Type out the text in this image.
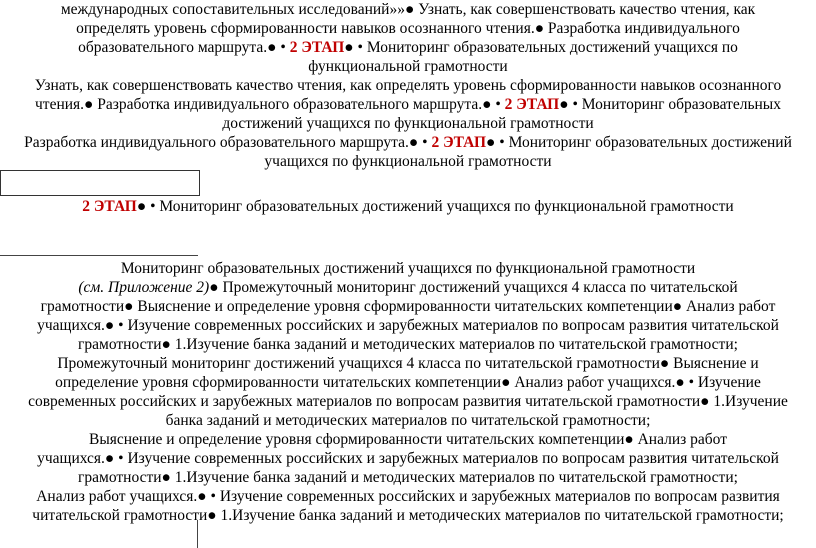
международных сопоставительных исследований»»● Узнать, как совершенствовать качество чтения, как
определять уровень сформированности навыков осознанного чтения.● Разработка индивидуального
образовательного маршрута.● • 2 ЭТАП● • Мониторинг образовательных достижений учащихся по
функциональной грамотности
Узнать, как совершенствовать качество чтения, как определять уровень сформированности навыков осознанного
чтения.● Разработка индивидуального образовательного маршрута.● • 2 ЭТАП● • Мониторинг образовательных
достижений учащихся по функциональной грамотности
Разработка индивидуального образовательного маршрута.● • 2 ЭТАП● • Мониторинг образовательных достижений
учащихся по функциональной грамотности
2 ЭТАП● • Мониторинг образовательных достижений учащихся по функциональной грамотности
Мониторинг образовательных достижений учащихся по функциональной грамотности
(см. Приложение 2)● Промежуточный мониторинг достижений учащихся 4 класса по читательской
грамотности● Выяснение и определение уровня сформированности читательских компетенции● Анализ работ
учащихся.● • Изучение современных российских и зарубежных материалов по вопросам развития читательской
грамотности● 1.Изучение банка заданий и методических материалов по читательской грамотности;
Промежуточный мониторинг достижений учащихся 4 класса по читательской грамотности● Выяснение и
определение уровня сформированности читательских компетенции● Анализ работ учащихся.● • Изучение
современных российских и зарубежных материалов по вопросам развития читательской грамотности● 1.Изучение
банка заданий и методических материалов по читательской грамотности;
Выяснение и определение уровня сформированности читательских компетенции● Анализ работ
учащихся.● • Изучение современных российских и зарубежных материалов по вопросам развития читательской
грамотности● 1.Изучение банка заданий и методических материалов по читательской грамотности;
Анализ работ учащихся.● • Изучение современных российских и зарубежных материалов по вопросам развития
читательской грамотности● 1.Изучение банка заданий и методических материалов по читательской грамотности;
